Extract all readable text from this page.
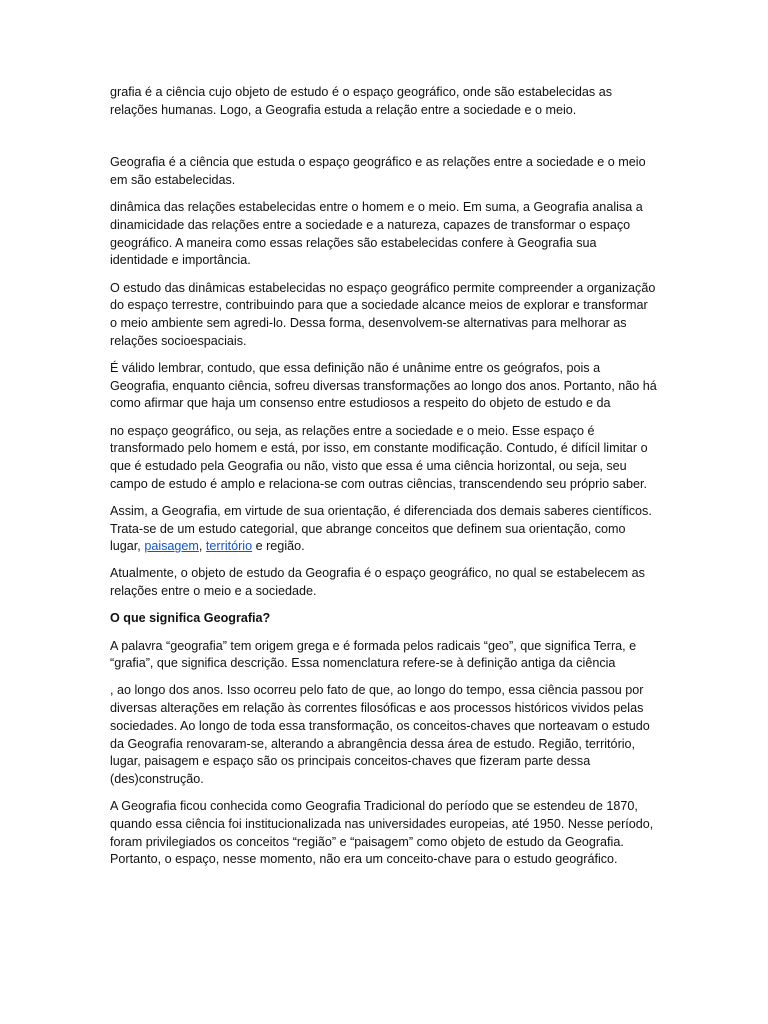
grafia é a ciência cujo objeto de estudo é o espaço geográfico, onde são estabelecidas as relações humanas. Logo, a Geografia estuda a relação entre a sociedade e o meio.

Geografia é a ciência que estuda o espaço geográfico e as relações entre a sociedade e o meio em são estabelecidas.

dinâmica das relações estabelecidas entre o homem e o meio. Em suma, a Geografia analisa a dinamicidade das relações entre a sociedade e a natureza, capazes de transformar o espaço geográfico. A maneira como essas relações são estabelecidas confere à Geografia sua identidade e importância.

O estudo das dinâmicas estabelecidas no espaço geográfico permite compreender a organização do espaço terrestre, contribuindo para que a sociedade alcance meios de explorar e transformar o meio ambiente sem agredi-lo. Dessa forma, desenvolvem-se alternativas para melhorar as relações socioespaciais.

É válido lembrar, contudo, que essa definição não é unânime entre os geógrafos, pois a Geografia, enquanto ciência, sofreu diversas transformações ao longo dos anos. Portanto, não há como afirmar que haja um consenso entre estudiosos a respeito do objeto de estudo e da

no espaço geográfico, ou seja, as relações entre a sociedade e o meio. Esse espaço é transformado pelo homem e está, por isso, em constante modificação. Contudo, é difícil limitar o que é estudado pela Geografia ou não, visto que essa é uma ciência horizontal, ou seja, seu campo de estudo é amplo e relaciona-se com outras ciências, transcendendo seu próprio saber.

Assim, a Geografia, em virtude de sua orientação, é diferenciada dos demais saberes científicos. Trata-se de um estudo categorial, que abrange conceitos que definem sua orientação, como lugar, paisagem, território e região.

Atualmente, o objeto de estudo da Geografia é o espaço geográfico, no qual se estabelecem as relações entre o meio e a sociedade.

O que significa Geografia?

A palavra “geografia” tem origem grega e é formada pelos radicais “geo”, que significa Terra, e “grafia”, que significa descrição. Essa nomenclatura refere-se à definição antiga da ciência

, ao longo dos anos. Isso ocorreu pelo fato de que, ao longo do tempo, essa ciência passou por diversas alterações em relação às correntes filosóficas e aos processos históricos vividos pelas sociedades. Ao longo de toda essa transformação, os conceitos-chaves que norteavam o estudo da Geografia renovaram-se, alterando a abrangência dessa área de estudo. Região, território, lugar, paisagem e espaço são os principais conceitos-chaves que fizeram parte dessa (des)construção.

A Geografia ficou conhecida como Geografia Tradicional do período que se estendeu de 1870, quando essa ciência foi institucionalizada nas universidades europeias, até 1950. Nesse período, foram privilegiados os conceitos “região” e “paisagem” como objeto de estudo da Geografia. Portanto, o espaço, nesse momento, não era um conceito-chave para o estudo geográfico.
